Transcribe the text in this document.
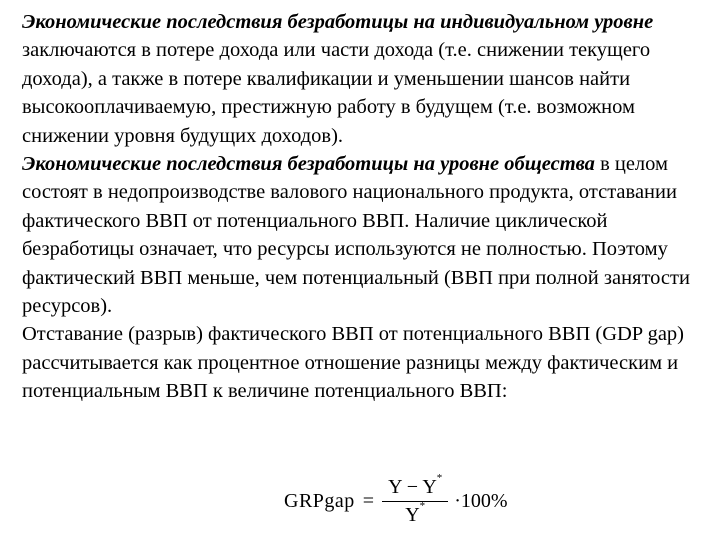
Экономические последствия безработицы на индивидуальном уровне заключаются в потере дохода или части дохода (т.е. снижении текущего дохода), а также в потере квалификации и уменьшении шансов найти высокооплачиваемую, престижную работу в будущем (т.е. возможном снижении уровня будущих доходов).

Экономические последствия безработицы на уровне общества в целом состоят в недопроизводстве валового национального продукта, отставании фактического ВВП от потенциального ВВП. Наличие циклической безработицы означает, что ресурсы используются не полностью. Поэтому фактический ВВП меньше, чем потенциальный (ВВП при полной занятости ресурсов).

Отставание (разрыв) фактического ВВП от потенциального ВВП (GDP gap) рассчитывается как процентное отношение разницы между фактическим и потенциальным ВВП к величине потенциального ВВП:

GRPgap = $\frac{Y - Y^*}{Y^*} \cdot 100\%$
